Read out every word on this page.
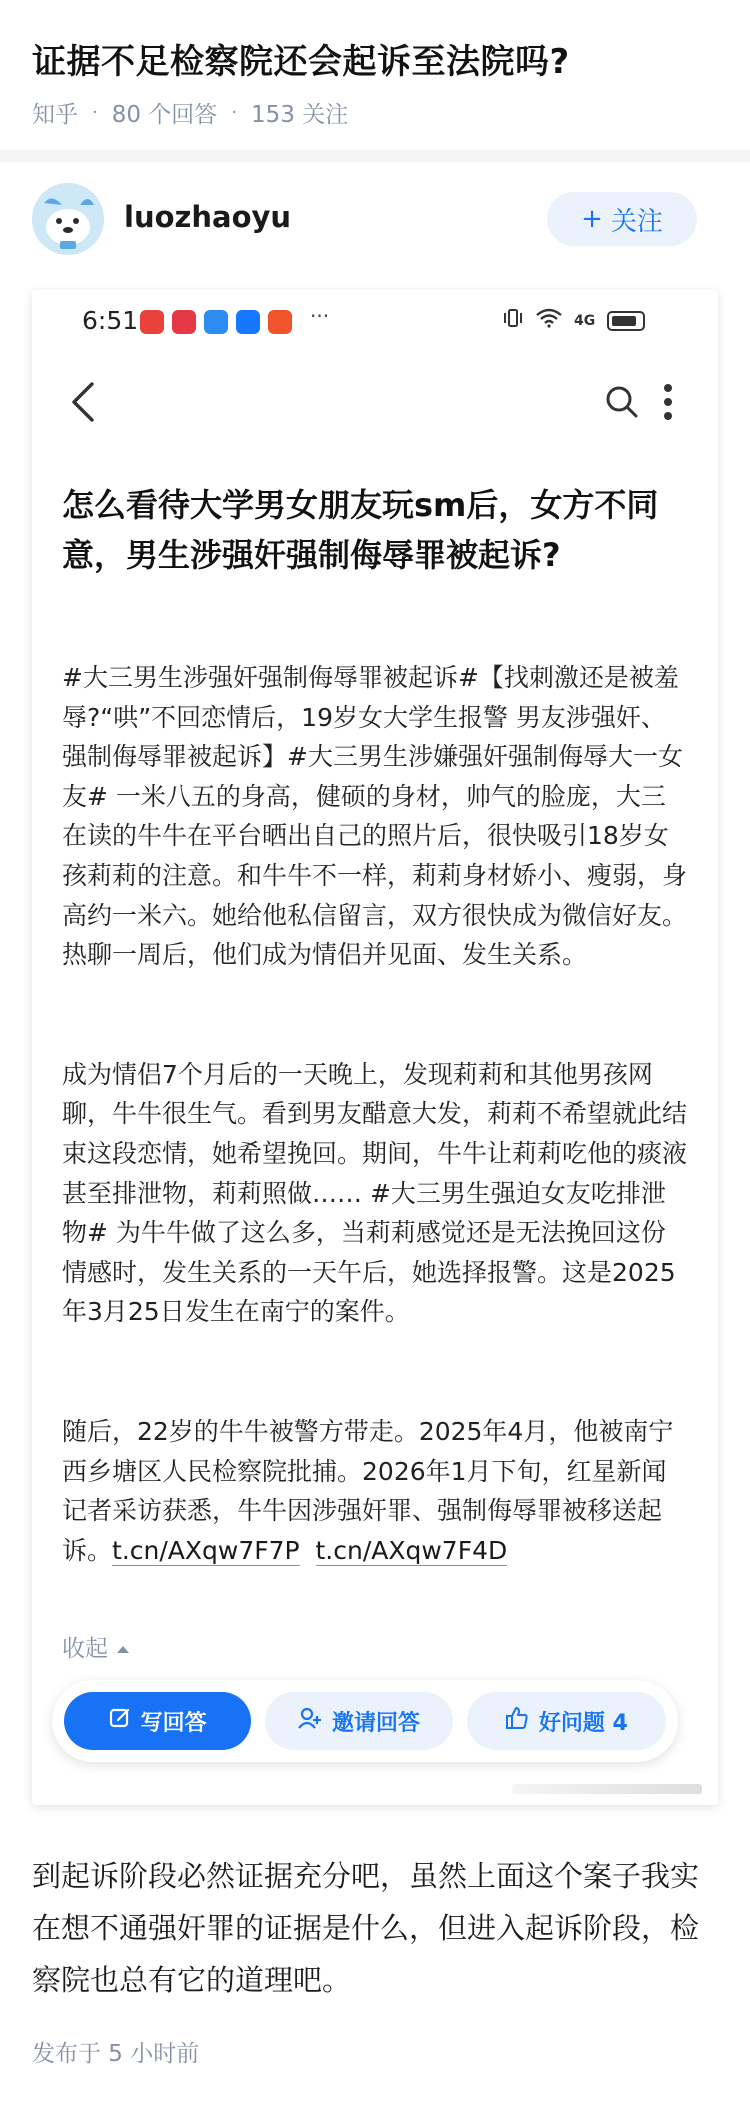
证据不足检察院还会起诉至法院吗?
知乎 · 80 个回答 · 153 关注
luozhaoyu	+ 关注
6:51	···	4G
怎么看待大学男女朋友玩sm后，女方不同意，男生涉强奸强制侮辱罪被起诉?

#大三男生涉强奸强制侮辱罪被起诉#【找刺激还是被羞辱?“哄”不回恋情后，19岁女大学生报警 男友涉强奸、强制侮辱罪被起诉】#大三男生涉嫌强奸强制侮辱大一女友# 一米八五的身高，健硕的身材，帅气的脸庞，大三在读的牛牛在平台晒出自己的照片后，很快吸引18岁女孩莉莉的注意。和牛牛不一样，莉莉身材娇小、瘦弱，身高约一米六。她给他私信留言，双方很快成为微信好友。热聊一周后，他们成为情侣并见面、发生关系。

成为情侣7个月后的一天晚上，发现莉莉和其他男孩网聊，牛牛很生气。看到男友醋意大发，莉莉不希望就此结束这段恋情，她希望挽回。期间，牛牛让莉莉吃他的痰液甚至排泄物，莉莉照做…… #大三男生强迫女友吃排泄物# 为牛牛做了这么多，当莉莉感觉还是无法挽回这份情感时，发生关系的一天午后，她选择报警。这是2025年3月25日发生在南宁的案件。

随后，22岁的牛牛被警方带走。2025年4月，他被南宁西乡塘区人民检察院批捕。2026年1月下旬，红星新闻记者采访获悉，牛牛因涉强奸罪、强制侮辱罪被移送起诉。t.cn/AXqw7F7P t.cn/AXqw7F4D

收起
写回答	邀请回答	好问题 4
到起诉阶段必然证据充分吧，虽然上面这个案子我实在想不通强奸罪的证据是什么，但进入起诉阶段，检察院也总有它的道理吧。
发布于 5 小时前
